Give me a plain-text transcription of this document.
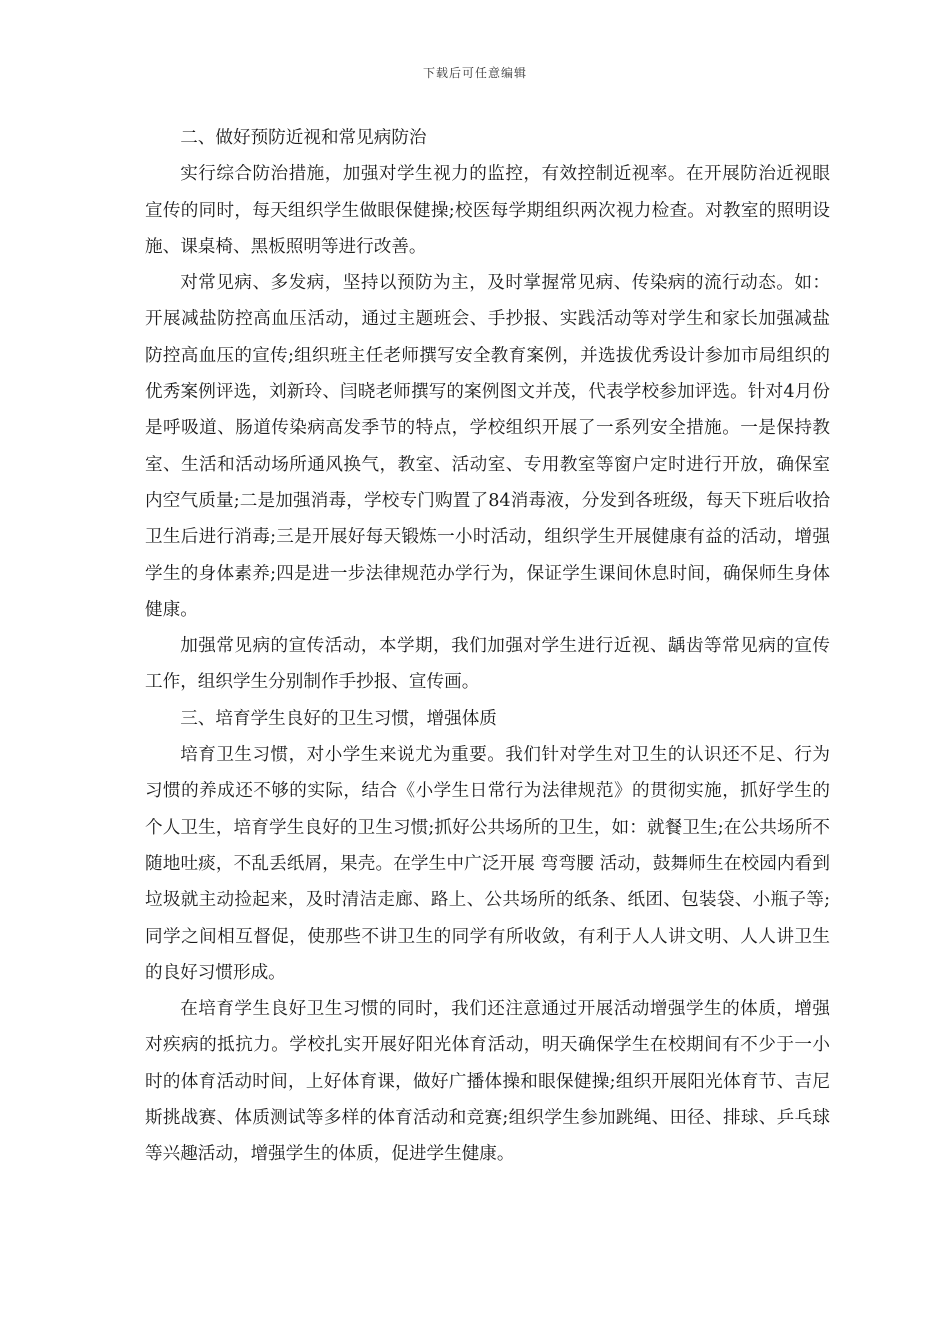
下载后可任意编辑

二、做好预防近视和常见病防治

实行综合防治措施，加强对学生视力的监控，有效控制近视率。在开展防治近视眼宣传的同时，每天组织学生做眼保健操;校医每学期组织两次视力检查。对教室的照明设施、课桌椅、黑板照明等进行改善。

对常见病、多发病，坚持以预防为主，及时掌握常见病、传染病的流行动态。如：开展减盐防控高血压活动，通过主题班会、手抄报、实践活动等对学生和家长加强减盐防控高血压的宣传;组织班主任老师撰写安全教育案例，并选拔优秀设计参加市局组织的优秀案例评选，刘新玲、闫晓老师撰写的案例图文并茂，代表学校参加评选。针对4月份是呼吸道、肠道传染病高发季节的特点，学校组织开展了一系列安全措施。一是保持教室、生活和活动场所通风换气，教室、活动室、专用教室等窗户定时进行开放，确保室内空气质量;二是加强消毒，学校专门购置了84消毒液，分发到各班级，每天下班后收拾卫生后进行消毒;三是开展好每天锻炼一小时活动，组织学生开展健康有益的活动，增强学生的身体素养;四是进一步法律规范办学行为，保证学生课间休息时间，确保师生身体健康。

加强常见病的宣传活动，本学期，我们加强对学生进行近视、龋齿等常见病的宣传工作，组织学生分别制作手抄报、宣传画。

三、培育学生良好的卫生习惯，增强体质

培育卫生习惯，对小学生来说尤为重要。我们针对学生对卫生的认识还不足、行为习惯的养成还不够的实际，结合《小学生日常行为法律规范》的贯彻实施，抓好学生的个人卫生，培育学生良好的卫生习惯;抓好公共场所的卫生，如：就餐卫生;在公共场所不随地吐痰，不乱丢纸屑，果壳。在学生中广泛开展 弯弯腰 活动，鼓舞师生在校园内看到垃圾就主动捡起来，及时清洁走廊、路上、公共场所的纸条、纸团、包装袋、小瓶子等;同学之间相互督促，使那些不讲卫生的同学有所收敛，有利于人人讲文明、人人讲卫生的良好习惯形成。

在培育学生良好卫生习惯的同时，我们还注意通过开展活动增强学生的体质，增强对疾病的抵抗力。学校扎实开展好阳光体育活动，明天确保学生在校期间有不少于一小时的体育活动时间，上好体育课，做好广播体操和眼保健操;组织开展阳光体育节、吉尼斯挑战赛、体质测试等多样的体育活动和竞赛;组织学生参加跳绳、田径、排球、乒乓球等兴趣活动，增强学生的体质，促进学生健康。
